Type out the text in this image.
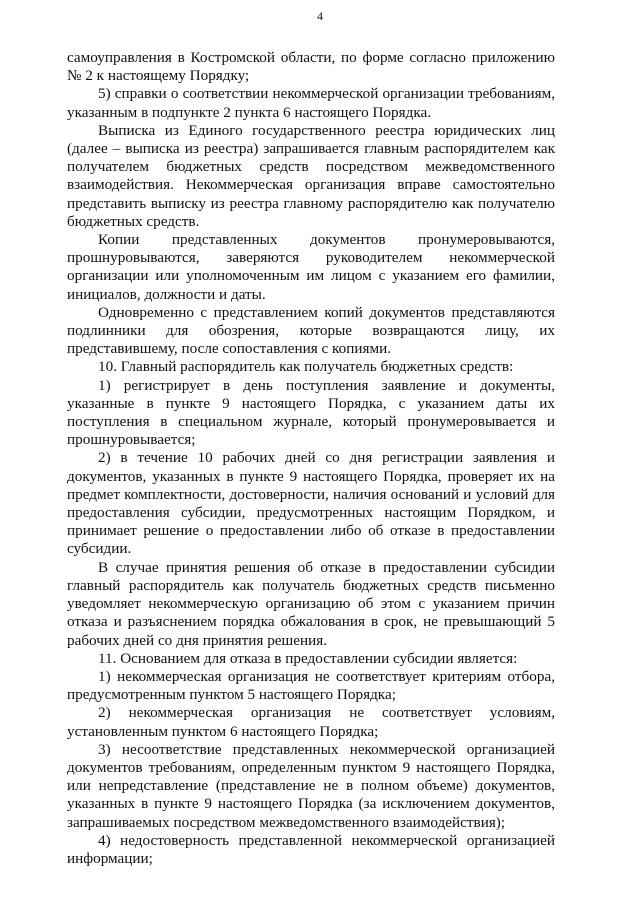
4

самоуправления в Костромской области, по форме согласно приложению № 2 к настоящему Порядку;

5) справки о соответствии некоммерческой организации требованиям, указанным в подпункте 2 пункта 6 настоящего Порядка.

Выписка из Единого государственного реестра юридических лиц (далее – выписка из реестра) запрашивается главным распорядителем как получателем бюджетных средств посредством межведомственного взаимодействия. Некоммерческая организация вправе самостоятельно представить выписку из реестра главному распорядителю как получателю бюджетных средств.

Копии представленных документов пронумеровываются, прошнуровываются, заверяются руководителем некоммерческой организации или уполномоченным им лицом с указанием его фамилии, инициалов, должности и даты.

Одновременно с представлением копий документов представляются подлинники для обозрения, которые возвращаются лицу, их представившему, после сопоставления с копиями.

10. Главный распорядитель как получатель бюджетных средств:

1) регистрирует в день поступления заявление и документы, указанные в пункте 9 настоящего Порядка, с указанием даты их поступления в специальном журнале, который пронумеровывается и прошнуровывается;

2) в течение 10 рабочих дней со дня регистрации заявления и документов, указанных в пункте 9 настоящего Порядка, проверяет их на предмет комплектности, достоверности, наличия оснований и условий для предоставления субсидии, предусмотренных настоящим Порядком, и принимает решение о предоставлении либо об отказе в предоставлении субсидии.

В случае принятия решения об отказе в предоставлении субсидии главный распорядитель как получатель бюджетных средств письменно уведомляет некоммерческую организацию об этом с указанием причин отказа и разъяснением порядка обжалования в срок, не превышающий 5 рабочих дней со дня принятия решения.

11. Основанием для отказа в предоставлении субсидии является:

1) некоммерческая организация не соответствует критериям отбора, предусмотренным пунктом 5 настоящего Порядка;

2) некоммерческая организация не соответствует условиям, установленным пунктом 6 настоящего Порядка;

3) несоответствие представленных некоммерческой организацией документов требованиям, определенным пунктом 9 настоящего Порядка, или непредставление (представление не в полном объеме) документов, указанных в пункте 9 настоящего Порядка (за исключением документов, запрашиваемых посредством межведомственного взаимодействия);

4) недостоверность представленной некоммерческой организацией информации;
